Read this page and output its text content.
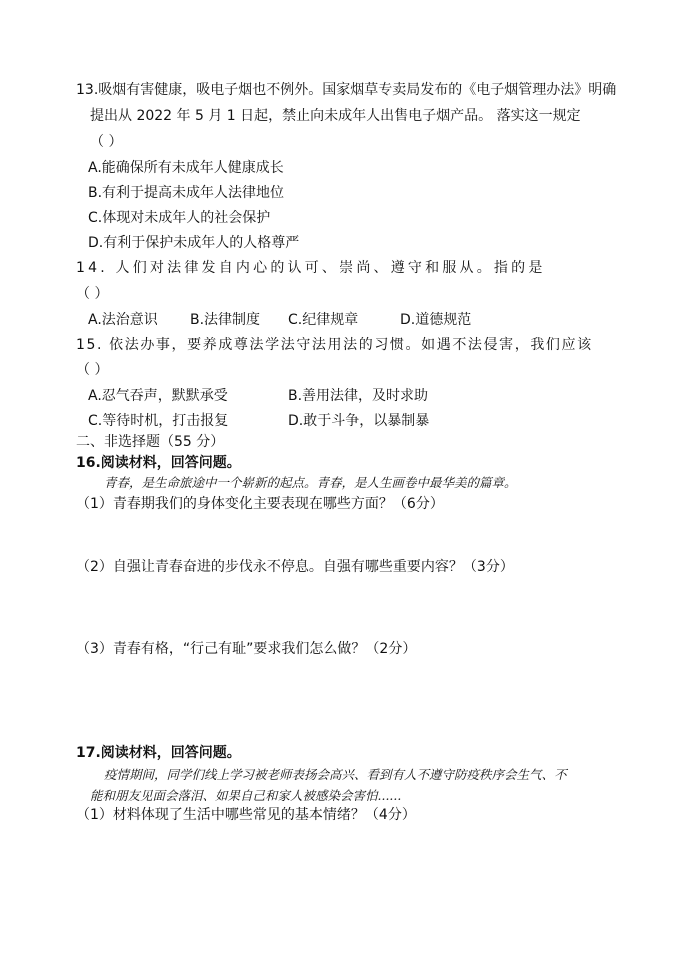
13.吸烟有害健康，吸电子烟也不例外。国家烟草专卖局发布的《电子烟管理办法》明确
提出从 2022 年 5 月 1 日起，禁止向未成年人出售电子烟产品。 落实这一规定
（ ）
A.能确保所有未成年人健康成长
B.有利于提高未成年人法律地位
C.体现对未成年人的社会保护
D.有利于保护未成年人的人格尊严
14. 人们对法律发自内心的认可、崇尚、遵守和服从。指的是
（ ）
A.法治意识 B.法律制度 C.纪律规章	D.道德规范
15. 依法办事，要养成尊法学法守法用法的习惯。如遇不法侵害，我们应该
（ ）
A.忍气吞声，默默承受	B.善用法律，及时求助
C.等待时机，打击报复	D.敢于斗争，以暴制暴
二、非选择题（55 分）
16.阅读材料，回答问题。
青春，是生命旅途中一个崭新的起点。青春，是人生画卷中最华美的篇章。
（1）青春期我们的身体变化主要表现在哪些方面？（6分）
（2）自强让青春奋进的步伐永不停息。自强有哪些重要内容？（3分）
（3）青春有格，“行己有耻”要求我们怎么做？（2分）
17.阅读材料，回答问题。
疫情期间，同学们线上学习被老师表扬会高兴、看到有人不遵守防疫秩序会生气、不
能和朋友见面会落泪、如果自己和家人被感染会害怕......
（1）材料体现了生活中哪些常见的基本情绪？（4分）
